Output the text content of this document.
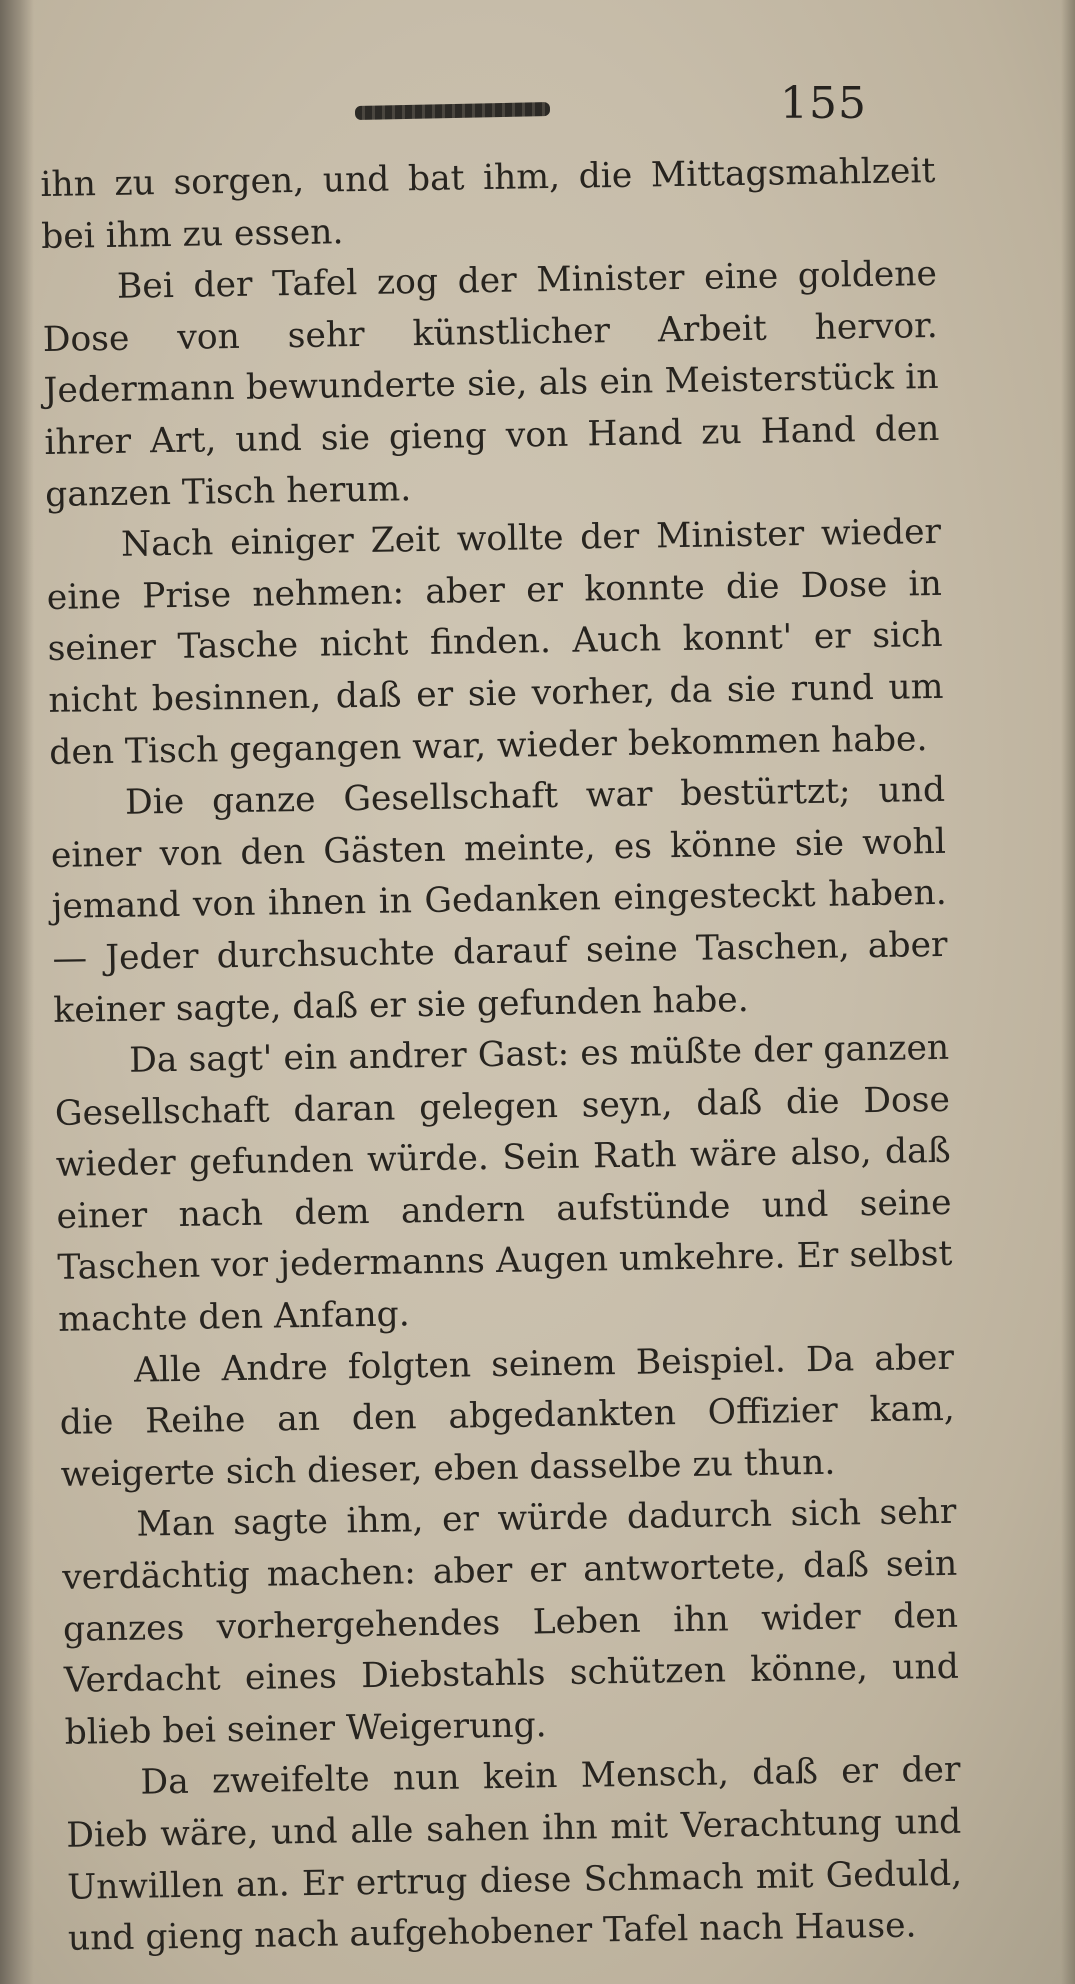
155

ihn zu sorgen, und bat ihm, die Mittagsmahlzeit bei ihm zu essen.

Bei der Tafel zog der Minister eine goldene Dose von sehr künstlicher Arbeit hervor. Jedermann bewunderte sie, als ein Meisterstück in ihrer Art, und sie gieng von Hand zu Hand den ganzen Tisch herum.

Nach einiger Zeit wollte der Minister wieder eine Prise nehmen: aber er konnte die Dose in seiner Tasche nicht finden. Auch konnt' er sich nicht besinnen, daß er sie vorher, da sie rund um den Tisch gegangen war, wieder bekommen habe.

Die ganze Gesellschaft war bestürtzt; und einer von den Gästen meinte, es könne sie wohl jemand von ihnen in Gedanken eingesteckt haben. — Jeder durchsuchte darauf seine Taschen, aber keiner sagte, daß er sie gefunden habe.

Da sagt' ein andrer Gast: es müßte der ganzen Gesellschaft daran gelegen seyn, daß die Dose wieder gefunden würde. Sein Rath wäre also, daß einer nach dem andern aufstünde und seine Taschen vor jedermanns Augen umkehre. Er selbst machte den Anfang.

Alle Andre folgten seinem Beispiel. Da aber die Reihe an den abgedankten Offizier kam, weigerte sich dieser, eben dasselbe zu thun.

Man sagte ihm, er würde dadurch sich sehr verdächtig machen: aber er antwortete, daß sein ganzes vorhergehendes Leben ihn wider den Verdacht eines Diebstahls schützen könne, und blieb bei seiner Weigerung.

Da zweifelte nun kein Mensch, daß er der Dieb wäre, und alle sahen ihn mit Verachtung und Unwillen an. Er ertrug diese Schmach mit Geduld, und gieng nach aufgehobener Tafel nach Hause.
